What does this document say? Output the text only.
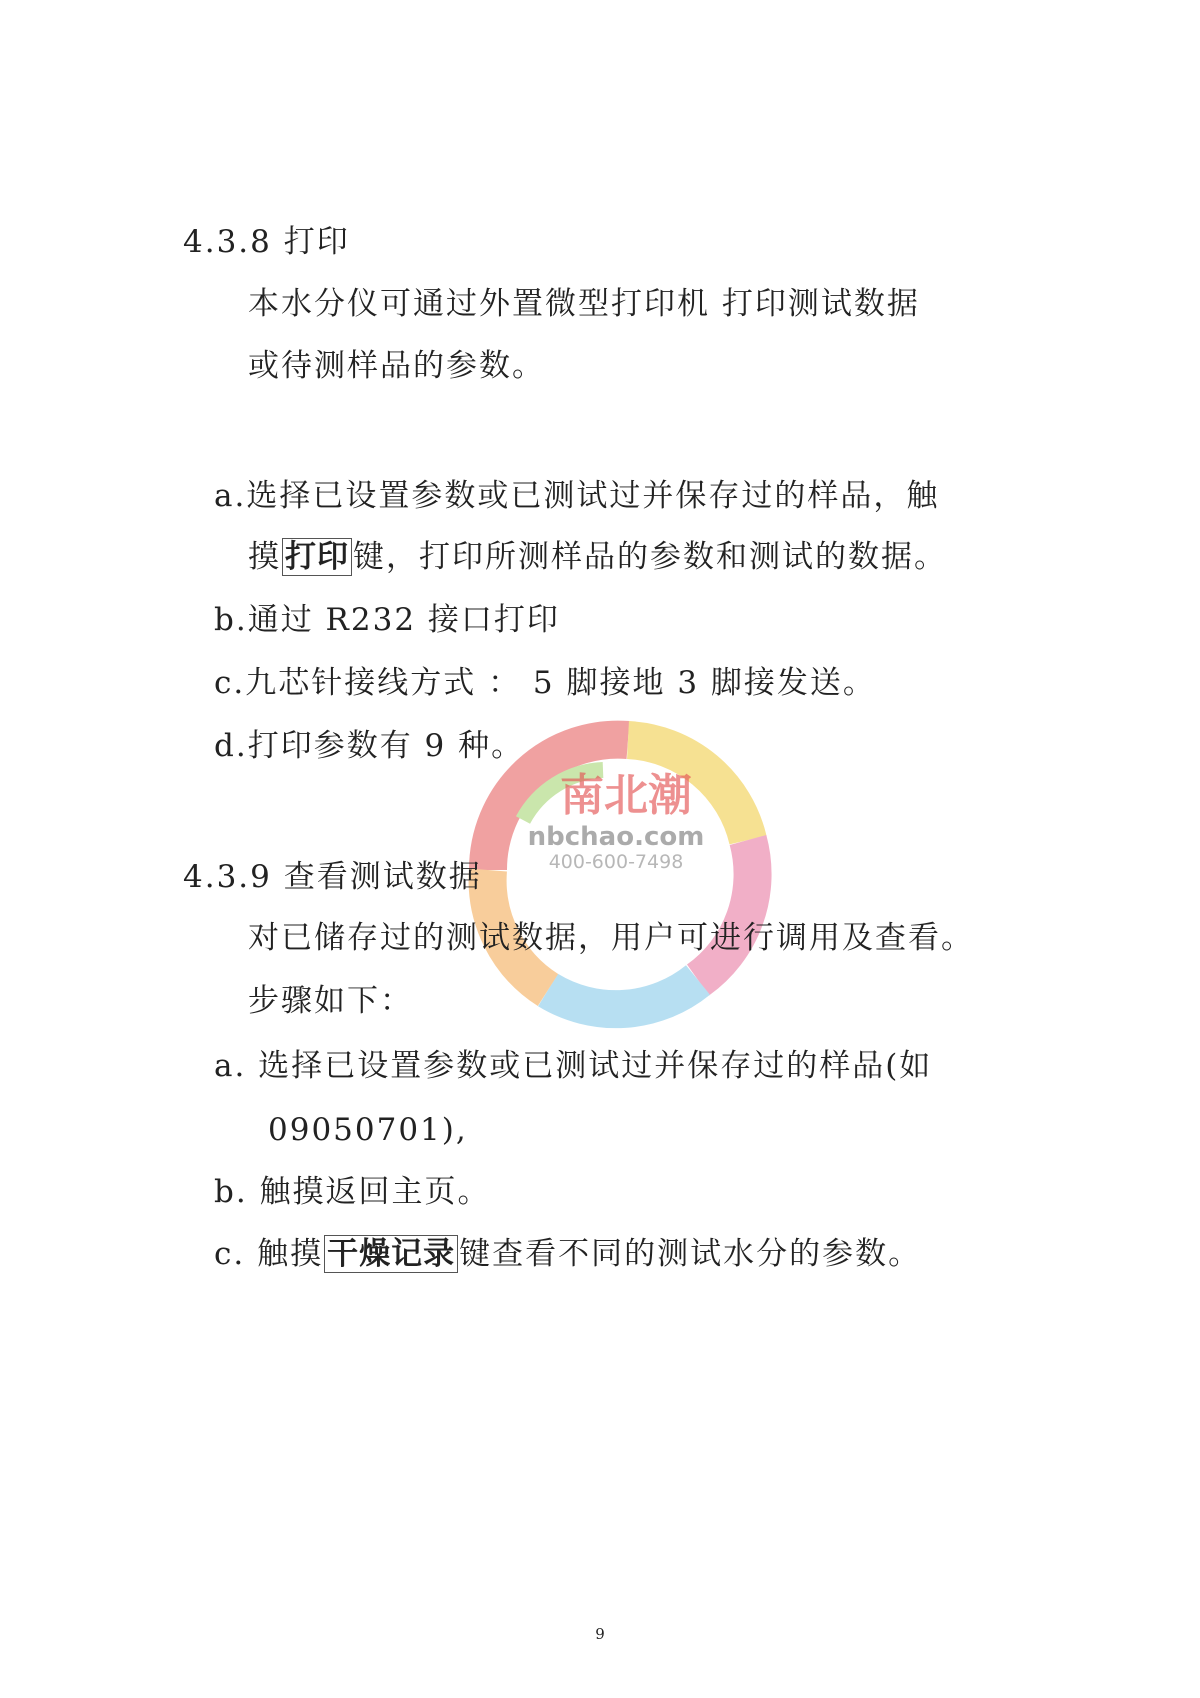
南北潮
nbchao.com
400-600-7498
4.3.8 打印
本水分仪可通过外置微型打印机 打印测试数据
或待测样品的参数。
a.选择已设置参数或已测试过并保存过的样品，触
摸 打印 键，打印所测样品的参数和测试的数据。
b.通过 R232 接口打印
c.九芯针接线方式 ： 5 脚接地 3 脚接发送。
d.打印参数有 9 种。
4.3.9 查看测试数据
对已储存过的测试数据，用户可进行调用及查看。
步骤如下：
a. 选择已设置参数或已测试过并保存过的样品(如
09050701),
b. 触摸返回主页。
c. 触摸 干燥记录 键查看不同的测试水分的参数。
9
